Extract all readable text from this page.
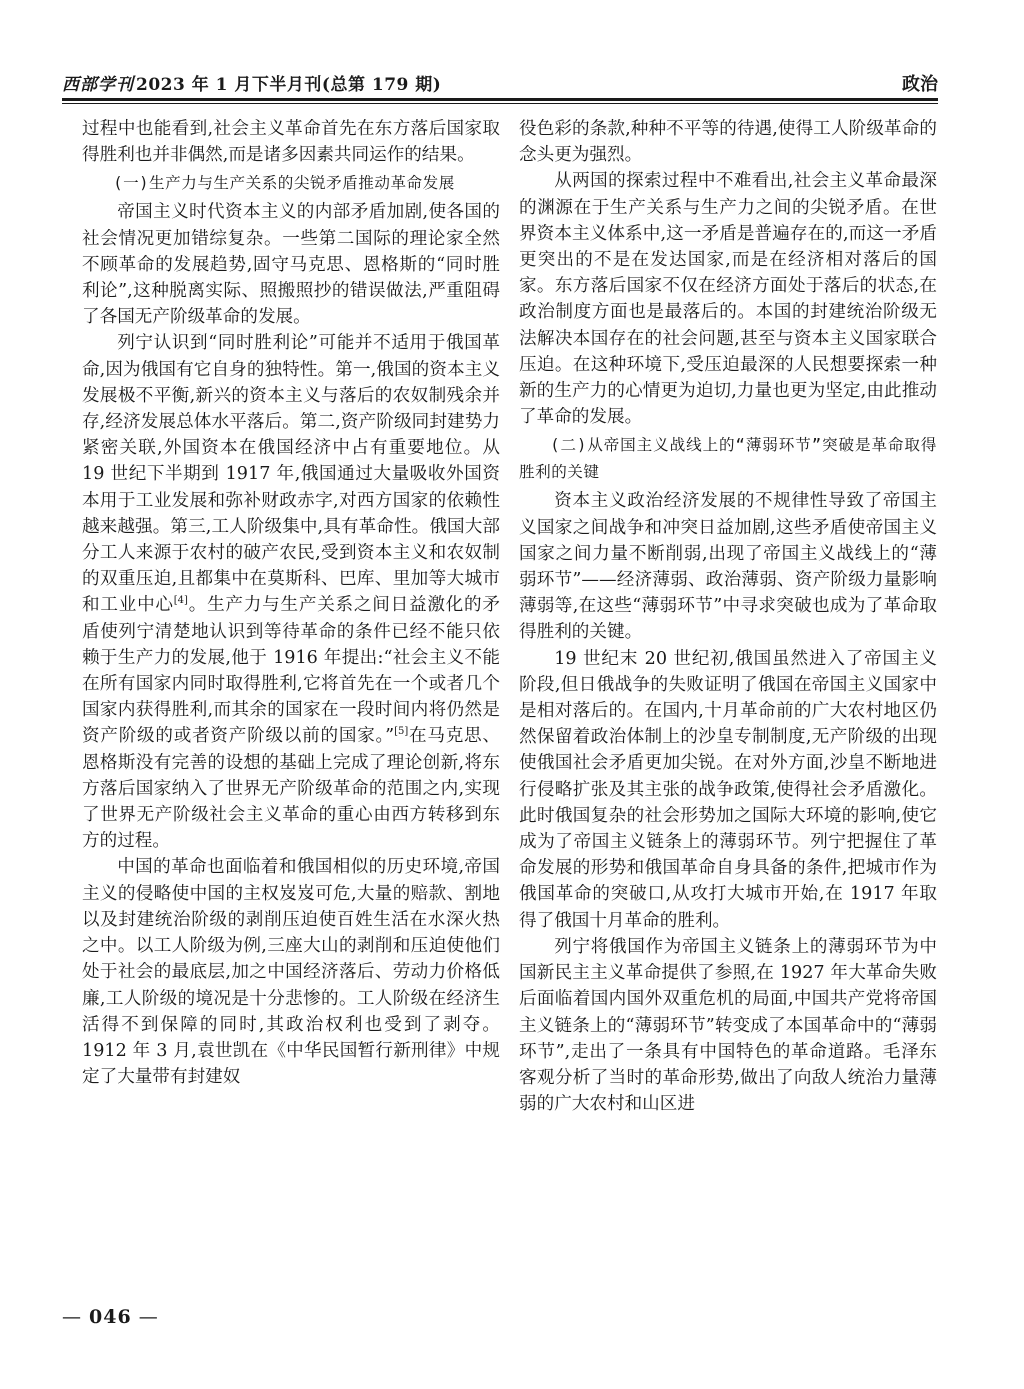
西部学刊 2023 年 1 月下半月刊(总第 179 期)	政治

过程中也能看到,社会主义革命首先在东方落后国家取得胜利也并非偶然,而是诸多因素共同运作的结果。

(一)生产力与生产关系的尖锐矛盾推动革命发展

帝国主义时代资本主义的内部矛盾加剧,使各国的社会情况更加错综复杂。一些第二国际的理论家全然不顾革命的发展趋势,固守马克思、恩格斯的“同时胜利论”,这种脱离实际、照搬照抄的错误做法,严重阻碍了各国无产阶级革命的发展。

列宁认识到“同时胜利论”可能并不适用于俄国革命,因为俄国有它自身的独特性。第一,俄国的资本主义发展极不平衡,新兴的资本主义与落后的农奴制残余并存,经济发展总体水平落后。第二,资产阶级同封建势力紧密关联,外国资本在俄国经济中占有重要地位。从 19 世纪下半期到 1917 年,俄国通过大量吸收外国资本用于工业发展和弥补财政赤字,对西方国家的依赖性越来越强。第三,工人阶级集中,具有革命性。俄国大部分工人来源于农村的破产农民,受到资本主义和农奴制的双重压迫,且都集中在莫斯科、巴库、里加等大城市和工业中心[4]。生产力与生产关系之间日益激化的矛盾使列宁清楚地认识到等待革命的条件已经不能只依赖于生产力的发展,他于 1916 年提出:“社会主义不能在所有国家内同时取得胜利,它将首先在一个或者几个国家内获得胜利,而其余的国家在一段时间内将仍然是资产阶级的或者资产阶级以前的国家。”[5]在马克思、恩格斯没有完善的设想的基础上完成了理论创新,将东方落后国家纳入了世界无产阶级革命的范围之内,实现了世界无产阶级社会主义革命的重心由西方转移到东方的过程。

中国的革命也面临着和俄国相似的历史环境,帝国主义的侵略使中国的主权岌岌可危,大量的赔款、割地以及封建统治阶级的剥削压迫使百姓生活在水深火热之中。以工人阶级为例,三座大山的剥削和压迫使他们处于社会的最底层,加之中国经济落后、劳动力价格低廉,工人阶级的境况是十分悲惨的。工人阶级在经济生活得不到保障的同时,其政治权利也受到了剥夺。1912 年 3 月,袁世凯在《中华民国暂行新刑律》中规定了大量带有封建奴

役色彩的条款,种种不平等的待遇,使得工人阶级革命的念头更为强烈。

从两国的探索过程中不难看出,社会主义革命最深的渊源在于生产关系与生产力之间的尖锐矛盾。在世界资本主义体系中,这一矛盾是普遍存在的,而这一矛盾更突出的不是在发达国家,而是在经济相对落后的国家。东方落后国家不仅在经济方面处于落后的状态,在政治制度方面也是最落后的。本国的封建统治阶级无法解决本国存在的社会问题,甚至与资本主义国家联合压迫。在这种环境下,受压迫最深的人民想要探索一种新的生产力的心情更为迫切,力量也更为坚定,由此推动了革命的发展。

(二)从帝国主义战线上的“薄弱环节”突破是革命取得胜利的关键

资本主义政治经济发展的不规律性导致了帝国主义国家之间战争和冲突日益加剧,这些矛盾使帝国主义国家之间力量不断削弱,出现了帝国主义战线上的“薄弱环节”——经济薄弱、政治薄弱、资产阶级力量影响薄弱等,在这些“薄弱环节”中寻求突破也成为了革命取得胜利的关键。

19 世纪末 20 世纪初,俄国虽然进入了帝国主义阶段,但日俄战争的失败证明了俄国在帝国主义国家中是相对落后的。在国内,十月革命前的广大农村地区仍然保留着政治体制上的沙皇专制制度,无产阶级的出现使俄国社会矛盾更加尖锐。在对外方面,沙皇不断地进行侵略扩张及其主张的战争政策,使得社会矛盾激化。此时俄国复杂的社会形势加之国际大环境的影响,使它成为了帝国主义链条上的薄弱环节。列宁把握住了革命发展的形势和俄国革命自身具备的条件,把城市作为俄国革命的突破口,从攻打大城市开始,在 1917 年取得了俄国十月革命的胜利。

列宁将俄国作为帝国主义链条上的薄弱环节为中国新民主主义革命提供了参照,在 1927 年大革命失败后面临着国内国外双重危机的局面,中国共产党将帝国主义链条上的“薄弱环节”转变成了本国革命中的“薄弱环节”,走出了一条具有中国特色的革命道路。毛泽东客观分析了当时的革命形势,做出了向敌人统治力量薄弱的广大农村和山区进

— 046 —
